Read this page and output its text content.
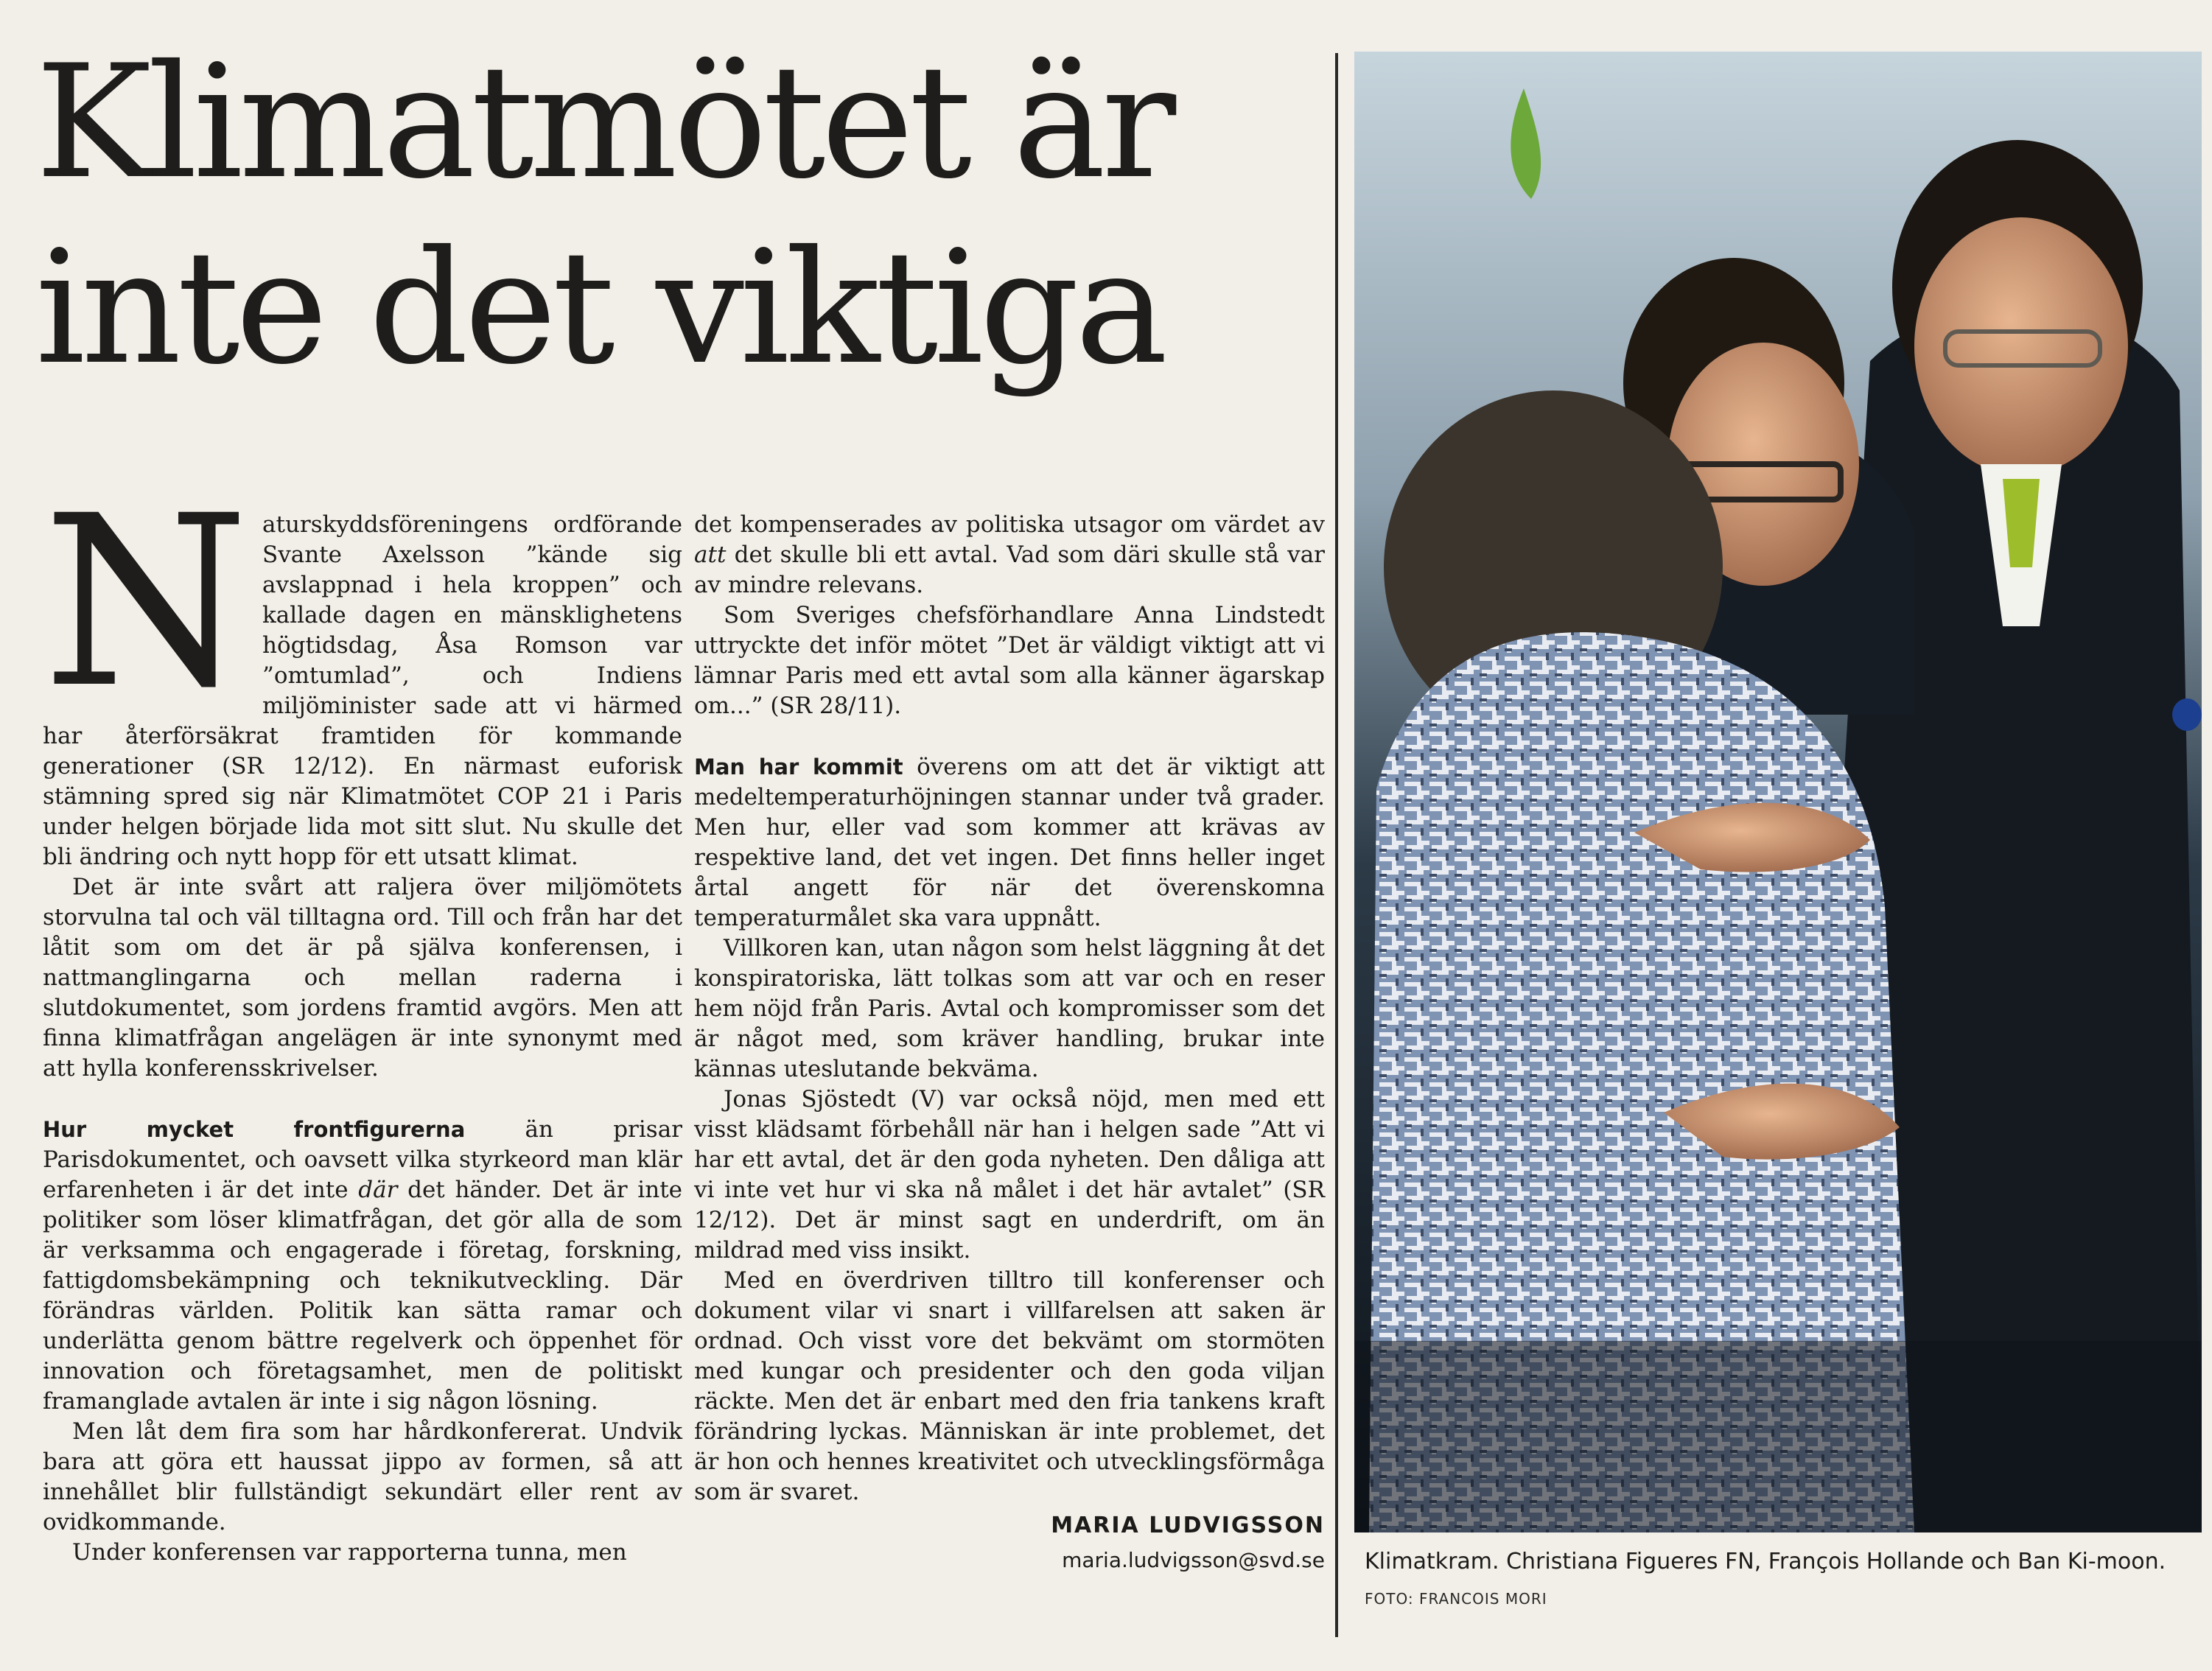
Klimatmötet är inte det viktiga
N aturskyddsföreningens ordförande Svante Axelsson ”kände sig avslappnad i hela kroppen” och kallade dagen en mänsklighetens högtidsdag, Åsa Romson var ”omtumlad”, och Indiens miljöminister sade att vi härmed har återförsäkrat framtiden för kommande generationer (SR 12/12). En närmast euforisk stämning spred sig när Klimatmötet COP 21 i Paris under helgen började lida mot sitt slut. Nu skulle det bli ändring och nytt hopp för ett utsatt klimat.

Det är inte svårt att raljera över miljömötets storvulna tal och väl tilltagna ord. Till och från har det låtit som om det är på själva konferensen, i nattmanglingarna och mellan raderna i slutdokumentet, som jordens framtid avgörs. Men att finna klimatfrågan angelägen är inte synonymt med att hylla konferensskrivelser.

Hur mycket frontfigurerna än prisar Parisdokumentet, och oavsett vilka styrkeord man klär erfarenheten i är det inte där det händer. Det är inte politiker som löser klimatfrågan, det gör alla de som är verksamma och engagerade i företag, forskning, fattigdomsbekämpning och teknikutveckling. Där förändras världen. Politik kan sätta ramar och underlätta genom bättre regelverk och öppenhet för innovation och företagsamhet, men de politiskt framanglade avtalen är inte i sig någon lösning.

Men låt dem fira som har hårdkonfererat. Undvik bara att göra ett haussat jippo av formen, så att innehållet blir fullständigt sekundärt eller rent av ovidkommande.

Under konferensen var rapporterna tunna, men

det kompenserades av politiska utsagor om värdet av att det skulle bli ett avtal. Vad som däri skulle stå var av mindre relevans.

Som Sveriges chefsförhandlare Anna Lindstedt uttryckte det inför mötet ”Det är väldigt viktigt att vi lämnar Paris med ett avtal som alla känner ägarskap om...” (SR 28/11).

Man har kommit överens om att det är viktigt att medeltemperaturhöjningen stannar under två grader. Men hur, eller vad som kommer att krävas av respektive land, det vet ingen. Det finns heller inget årtal angett för när det överenskomna temperaturmålet ska vara uppnått.

Villkoren kan, utan någon som helst läggning åt det konspiratoriska, lätt tolkas som att var och en reser hem nöjd från Paris. Avtal och kompromisser som det är något med, som kräver handling, brukar inte kännas uteslutande bekväma.

Jonas Sjöstedt (V) var också nöjd, men med ett visst klädsamt förbehåll när han i helgen sade ”Att vi har ett avtal, det är den goda nyheten. Den dåliga att vi inte vet hur vi ska nå målet i det här avtalet” (SR 12/12). Det är minst sagt en underdrift, om än mildrad med viss insikt.

Med en överdriven tilltro till konferenser och dokument vilar vi snart i villfarelsen att saken är ordnad. Och visst vore det bekvämt om stormöten med kungar och presidenter och den goda viljan räckte. Men det är enbart med den fria tankens kraft förändring lyckas. Människan är inte problemet, det är hon och hennes kreativitet och utvecklingsförmåga som är svaret.

MARIA LUDVIGSSON
maria.ludvigsson@svd.se Klimatkram. Christiana Figueres FN, François Hollande och Ban Ki-moon.
FOTO: FRANCOIS MORI
